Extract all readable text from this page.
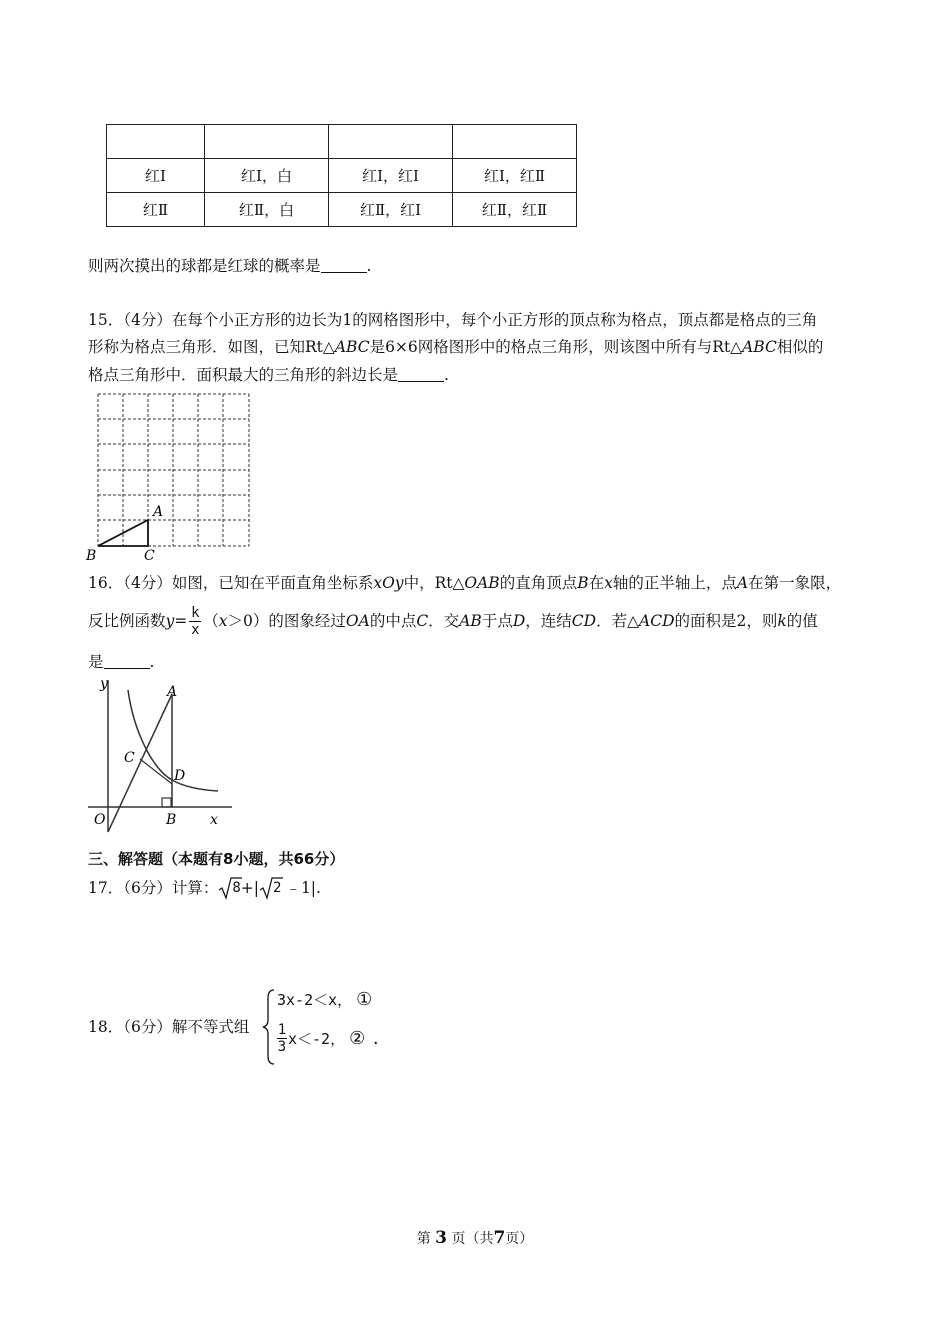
红Ⅰ	红Ⅰ，白	红Ⅰ，红Ⅰ	红Ⅰ，红Ⅱ
红Ⅱ	红Ⅱ，白	红Ⅱ，红Ⅰ	红Ⅱ，红Ⅱ
则两次摸出的球都是红球的概率是	.
15．（4分）在每个小正方形的边长为1的网格图形中，每个小正方形的顶点称为格点，顶点都是格点的三角
形称为格点三角形．如图，已知Rt△ABC是6×6网格图形中的格点三角形，则该图中所有与Rt△ABC相似的
格点三角形中．面积最大的三角形的斜边长是	.
A
B	C
16．（4分）如图，已知在平面直角坐标系xOy中，Rt△OAB的直角顶点B在x轴的正半轴上，点A在第一象限，
反比例函数 $y = \frac{k}{x}$ （ x ＞0）的图象经过 OA 的中点 C ．交 AB 于点 D ，连结 CD ．若△ ACD 的面积是2，则 k 的值
是	.
y	A
C
D
O	B x
三、解答题（本题有8小题，共66分）
17．（6分）计算： 8 +| 2 ﹣1|.
18．（6分）解不等式组
3x-2＜x， ①
$\frac{1}{3} x<-2$， ② .
第 3 页（共7页）
